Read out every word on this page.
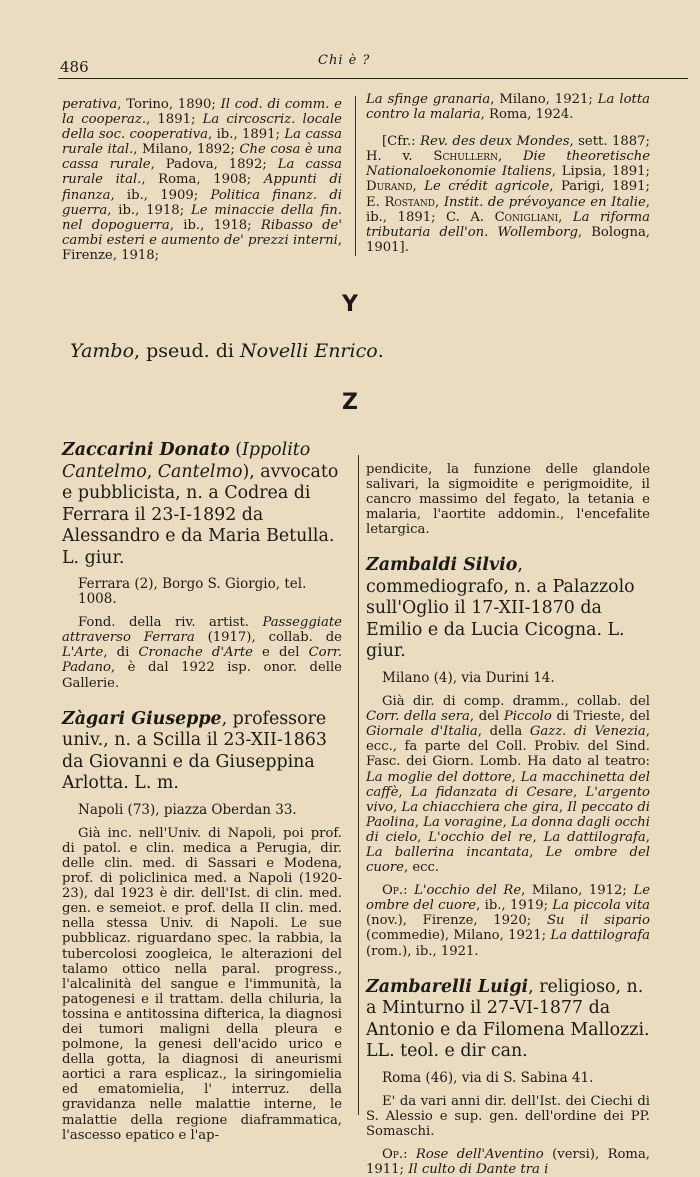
486	Chi è ?

perativa, Torino, 1890; Il cod. di comm. e la cooperaz., 1891; La circoscriz. locale della soc. cooperativa, ib., 1891; La cassa rurale ital., Milano, 1892; Che cosa è una cassa rurale, Padova, 1892; La cassa rurale ital., Roma, 1908; Appunti di finanza, ib., 1909; Politica finanz. di guerra, ib., 1918; Le minaccie della fin. nel dopoguerra, ib., 1918; Ribasso de' cambi esteri e aumento de' prezzi interni, Firenze, 1918;

La sfinge granaria, Milano, 1921; La lotta contro la malaria, Roma, 1924.

[Cfr.: Rev. des deux Mondes, sett. 1887; H. v. Schullern, Die theoretische Nationaloekonomie Italiens, Lipsia, 1891; Durand, Le crédit agricole, Parigi, 1891; E. Rostand, Instit. de prévoyance en Italie, ib., 1891; C. A. Conigliani, La riforma tributaria dell'on. Wollemborg, Bologna, 1901].

Y
Yambo, pseud. di Novelli Enrico.
Z

Zaccarini Donato (Ippolito Cantelmo, Cantelmo), avvocato e pubblicista, n. a Codrea di Ferrara il 23-I-1892 da Alessandro e da Maria Betulla. L. giur.

Ferrara (2), Borgo S. Giorgio, tel. 1008.

Fond. della riv. artist. Passeggiate attraverso Ferrara (1917), collab. de L'Arte, di Cronache d'Arte e del Corr. Padano, è dal 1922 isp. onor. delle Gallerie.

Zàgari Giuseppe, professore univ., n. a Scilla il 23-XII-1863 da Giovanni e da Giuseppina Arlotta. L. m.

Napoli (73), piazza Oberdan 33.

Già inc. nell'Univ. di Napoli, poi prof. di patol. e clin. medica a Perugia, dir. delle clin. med. di Sassari e Modena, prof. di policlinica med. a Napoli (1920-23), dal 1923 è dir. dell'Ist. di clin. med. gen. e semeiot. e prof. della II clin. med. nella stessa Univ. di Napoli. Le sue pubblicaz. riguardano spec. la rabbia, la tubercolosi zoogleica, le alterazioni del talamo ottico nella paral. progress., l'alcalinità del sangue e l'immunità, la patogenesi e il trattam. della chiluria, la tossina e antitossina difterica, la diagnosi dei tumori maligni della pleura e polmone, la genesi dell'acido urico e della gotta, la diagnosi di aneurismi aortici a rara esplicaz., la siringomielia ed ematomielia, l' interruz. della gravidanza nelle malattie interne, le malattie della regione diaframmatica, l'ascesso epatico e l'ap-

pendicite, la funzione delle glandole salivari, la sigmoidite e perigmoidite, il cancro massimo del fegato, la tetania e malaria, l'aortite addomin., l'encefalite letargica.

Zambaldi Silvio, commediografo, n. a Palazzolo sull'Oglio il 17-XII-1870 da Emilio e da Lucia Cicogna. L. giur.

Milano (4), via Durini 14.

Già dir. di comp. dramm., collab. del Corr. della sera, del Piccolo di Trieste, del Giornale d'Italia, della Gazz. di Venezia, ecc., fa parte del Coll. Probiv. del Sind. Fasc. dei Giorn. Lomb. Ha dato al teatro: La moglie del dottore, La macchinetta del caffè, La fidanzata di Cesare, L'argento vivo, La chiacchiera che gira, Il peccato di Paolina, La voragine, La donna dagli occhi di cielo, L'occhio del re, La dattilografa, La ballerina incantata, Le ombre del cuore, ecc.

Op.: L'occhio del Re, Milano, 1912; Le ombre del cuore, ib., 1919; La piccola vita (nov.), Firenze, 1920; Su il sipario (commedie), Milano, 1921; La dattilografa (rom.), ib., 1921.

Zambarelli Luigi, religioso, n. a Minturno il 27-VI-1877 da Antonio e da Filomena Mallozzi. LL. teol. e dir can.

Roma (46), via di S. Sabina 41.

E' da vari anni dir. dell'Ist. dei Ciechi di S. Alessio e sup. gen. dell'ordine dei PP. Somaschi.

Op.: Rose dell'Aventino (versi), Roma, 1911; Il culto di Dante tra i
